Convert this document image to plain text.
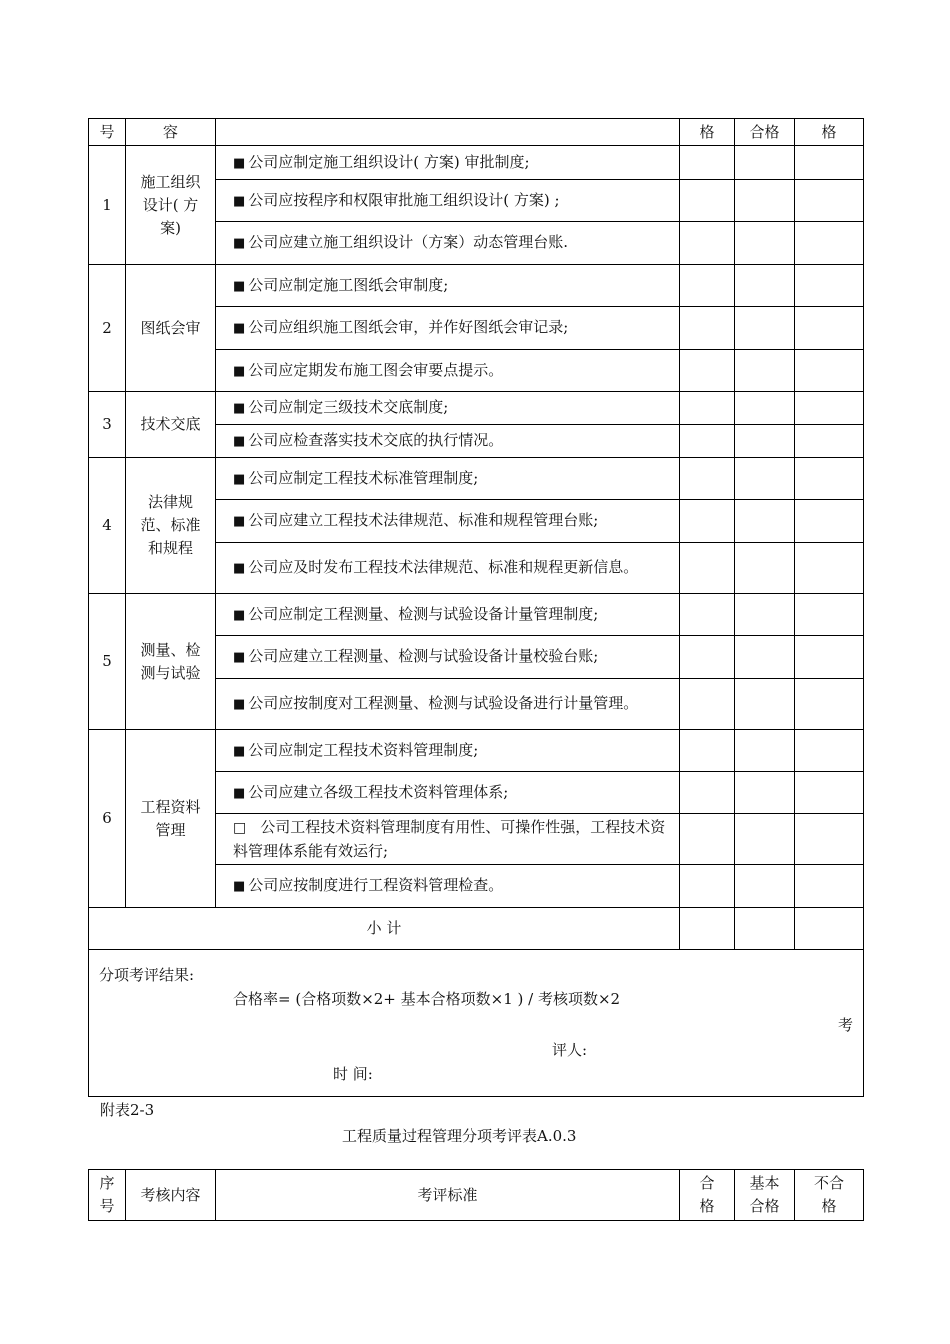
号	容		格	合格	格
1	施工组织设计( 方案)	■ 公司应制定施工组织设计( 方案) 审批制度;			
		■ 公司应按程序和权限审批施工组织设计( 方案) ;			
		■ 公司应建立施工组织设计（方案）动态管理台账.			
2	图纸会审	■ 公司应制定施工图纸会审制度;			
		■ 公司应组织施工图纸会审，并作好图纸会审记录;			
		■ 公司应定期发布施工图会审要点提示。			
3	技术交底	■ 公司应制定三级技术交底制度;			
		■ 公司应检查落实技术交底的执行情况。			
4	法律规范、标准和规程	■ 公司应制定工程技术标准管理制度;			
		■ 公司应建立工程技术法律规范、标准和规程管理台账;			
		■ 公司应及时发布工程技术法律规范、标准和规程更新信息。			
5	测量、检测与试验	■ 公司应制定工程测量、检测与试验设备计量管理制度;			
		■ 公司应建立工程测量、检测与试验设备计量校验台账;			
		■ 公司应按制度对工程测量、检测与试验设备进行计量管理。			
6	工程资料管理	■ 公司应制定工程技术资料管理制度;			
		■ 公司应建立各级工程技术资料管理体系;			
		□ 公司工程技术资料管理制度有用性、可操作性强，工程技术资料管理体系能有效运行;			
		■ 公司应按制度进行工程资料管理检查。			
小 计					

分项考评结果:
合格率= (合格项数×2+ 基本合格项数×1 ) / 考核项数×2
考
评人:
时 间:					
附表2-3
工程质量过程管理分项考评表A.0.3
序号	考核内容	考评标准	合格	基本合格	不合格
